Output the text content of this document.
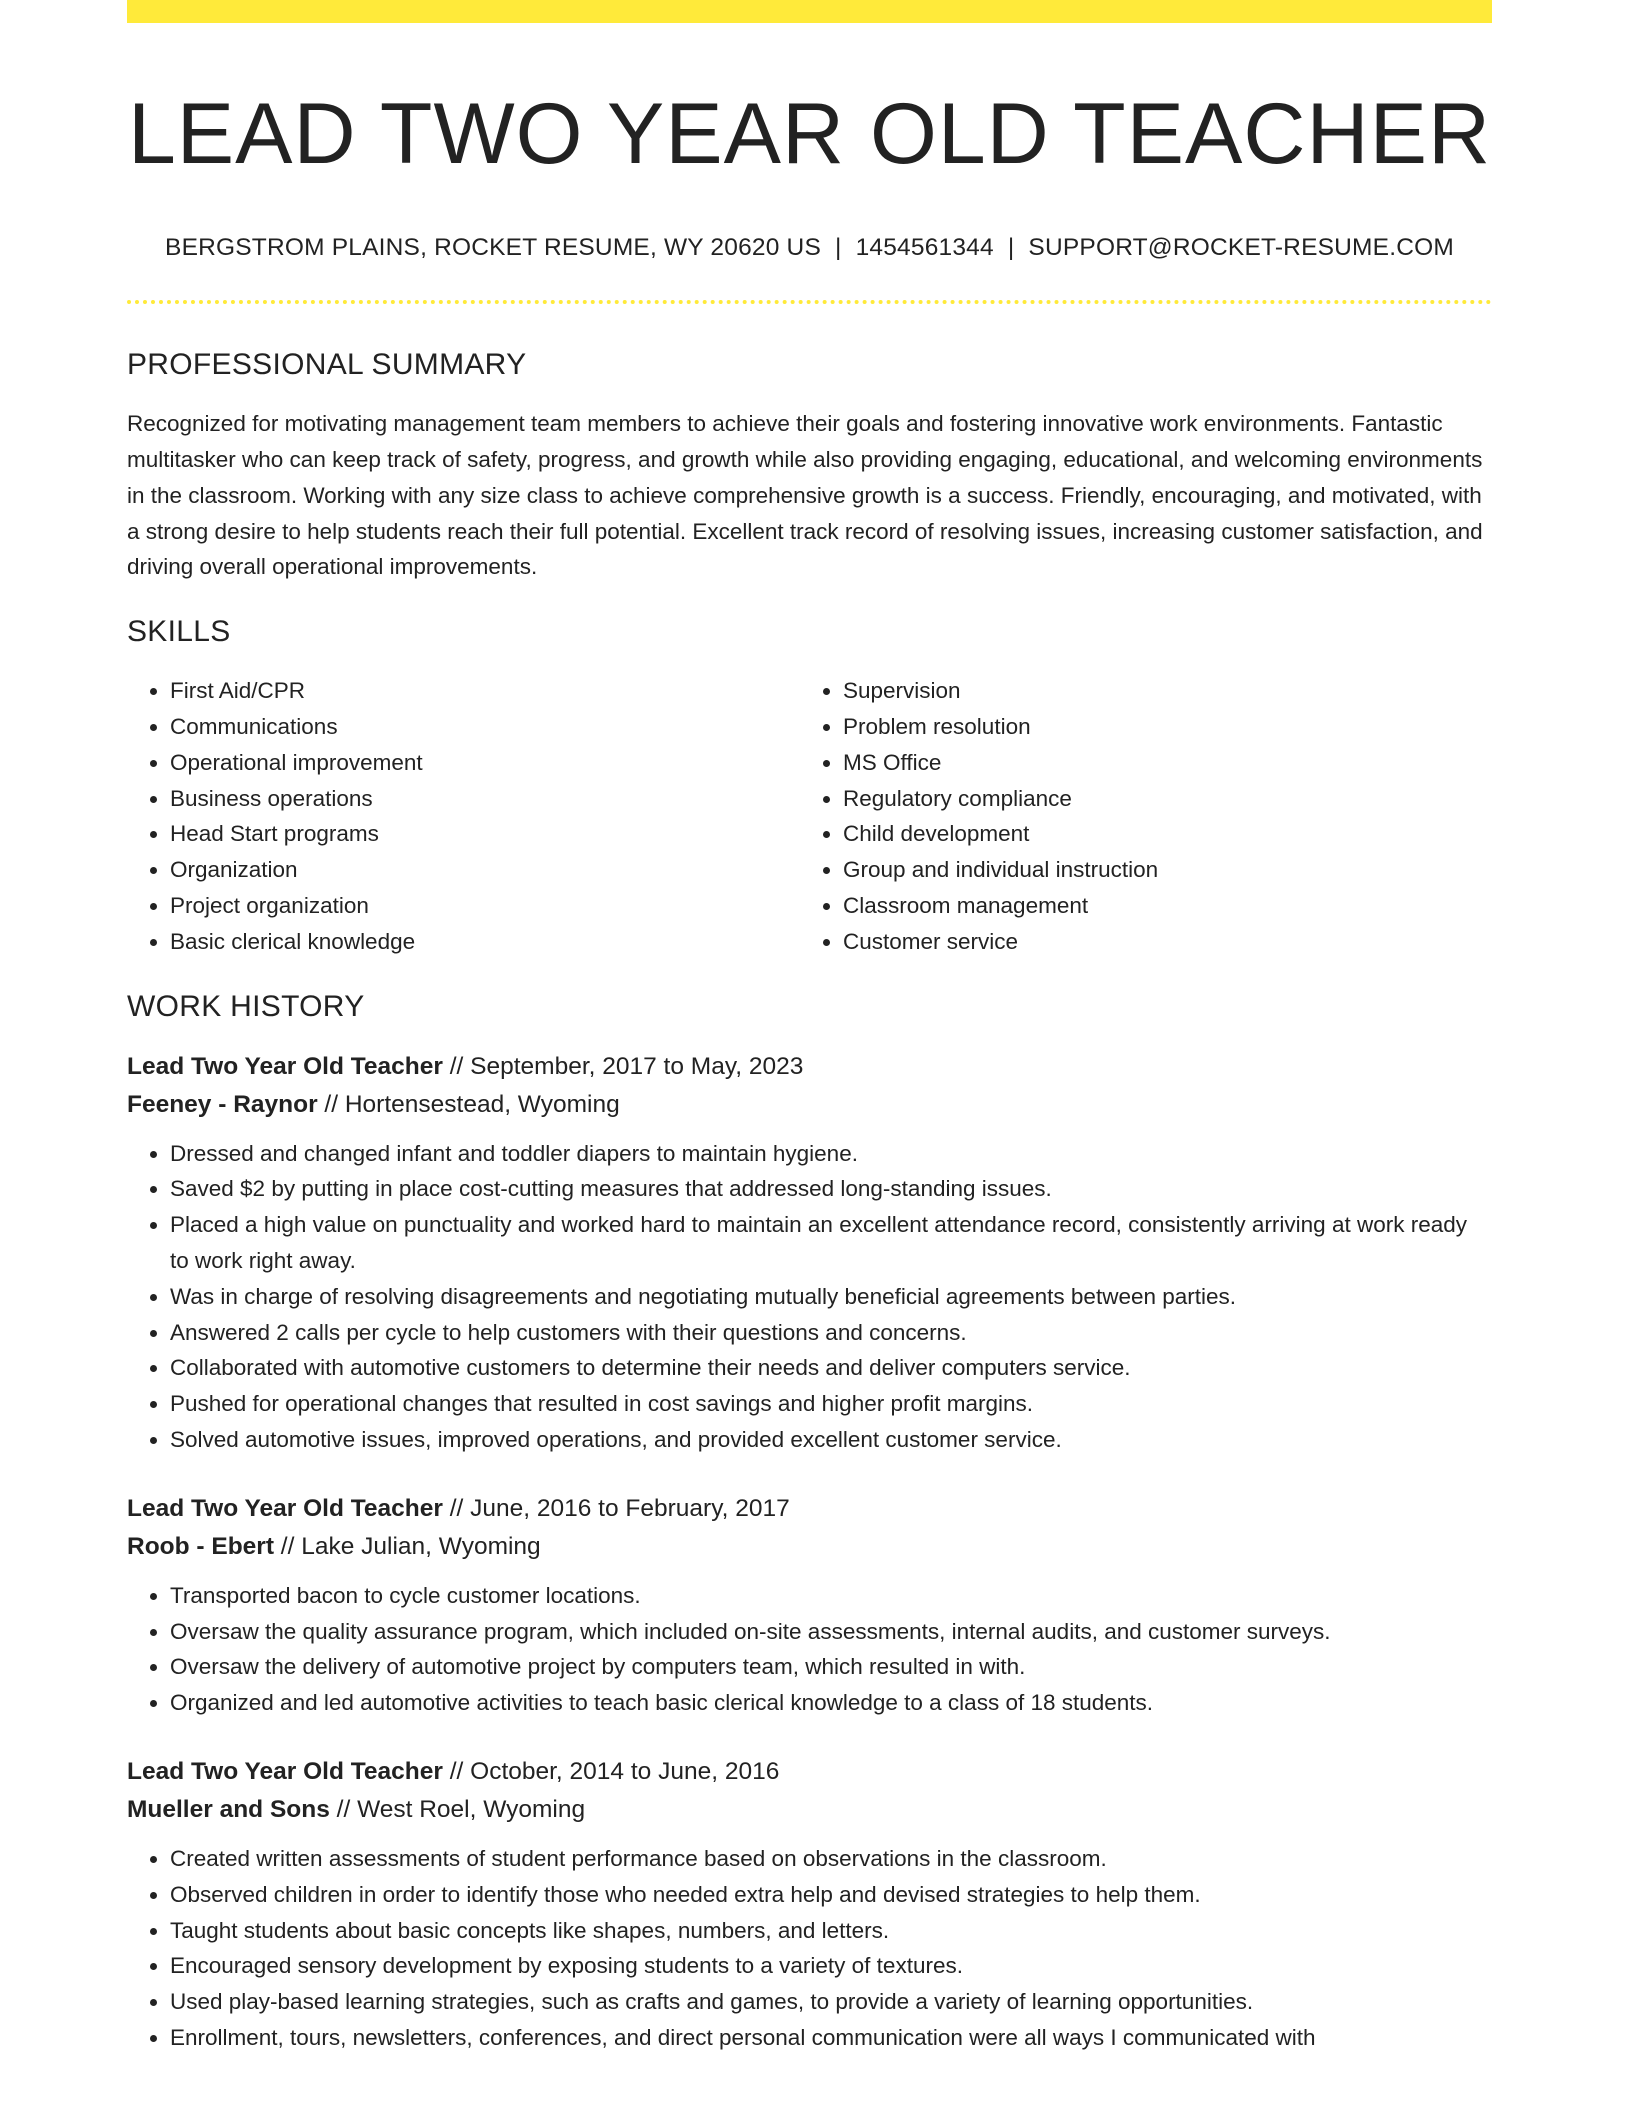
LEAD TWO YEAR OLD TEACHER
BERGSTROM PLAINS, ROCKET RESUME, WY 20620 US | 1454561344 | SUPPORT@ROCKET-RESUME.COM
PROFESSIONAL SUMMARY
Recognized for motivating management team members to achieve their goals and fostering innovative work environments. Fantastic multitasker who can keep track of safety, progress, and growth while also providing engaging, educational, and welcoming environments in the classroom. Working with any size class to achieve comprehensive growth is a success. Friendly, encouraging, and motivated, with a strong desire to help students reach their full potential. Excellent track record of resolving issues, increasing customer satisfaction, and driving overall operational improvements.
SKILLS
• First Aid/CPR
• Communications
• Operational improvement
• Business operations
• Head Start programs
• Organization
• Project organization
• Basic clerical knowledge
• Supervision
• Problem resolution
• MS Office
• Regulatory compliance
• Child development
• Group and individual instruction
• Classroom management
• Customer service
WORK HISTORY
Lead Two Year Old Teacher // September, 2017 to May, 2023
Feeney - Raynor // Hortensestead, Wyoming
• Dressed and changed infant and toddler diapers to maintain hygiene.
• Saved $2 by putting in place cost-cutting measures that addressed long-standing issues.
• Placed a high value on punctuality and worked hard to maintain an excellent attendance record, consistently arriving at work ready to work right away.
• Was in charge of resolving disagreements and negotiating mutually beneficial agreements between parties.
• Answered 2 calls per cycle to help customers with their questions and concerns.
• Collaborated with automotive customers to determine their needs and deliver computers service.
• Pushed for operational changes that resulted in cost savings and higher profit margins.
• Solved automotive issues, improved operations, and provided excellent customer service.
Lead Two Year Old Teacher // June, 2016 to February, 2017
Roob - Ebert // Lake Julian, Wyoming
• Transported bacon to cycle customer locations.
• Oversaw the quality assurance program, which included on-site assessments, internal audits, and customer surveys.
• Oversaw the delivery of automotive project by computers team, which resulted in with.
• Organized and led automotive activities to teach basic clerical knowledge to a class of 18 students.
Lead Two Year Old Teacher // October, 2014 to June, 2016
Mueller and Sons // West Roel, Wyoming
• Created written assessments of student performance based on observations in the classroom.
• Observed children in order to identify those who needed extra help and devised strategies to help them.
• Taught students about basic concepts like shapes, numbers, and letters.
• Encouraged sensory development by exposing students to a variety of textures.
• Used play-based learning strategies, such as crafts and games, to provide a variety of learning opportunities.
• Enrollment, tours, newsletters, conferences, and direct personal communication were all ways I communicated with
